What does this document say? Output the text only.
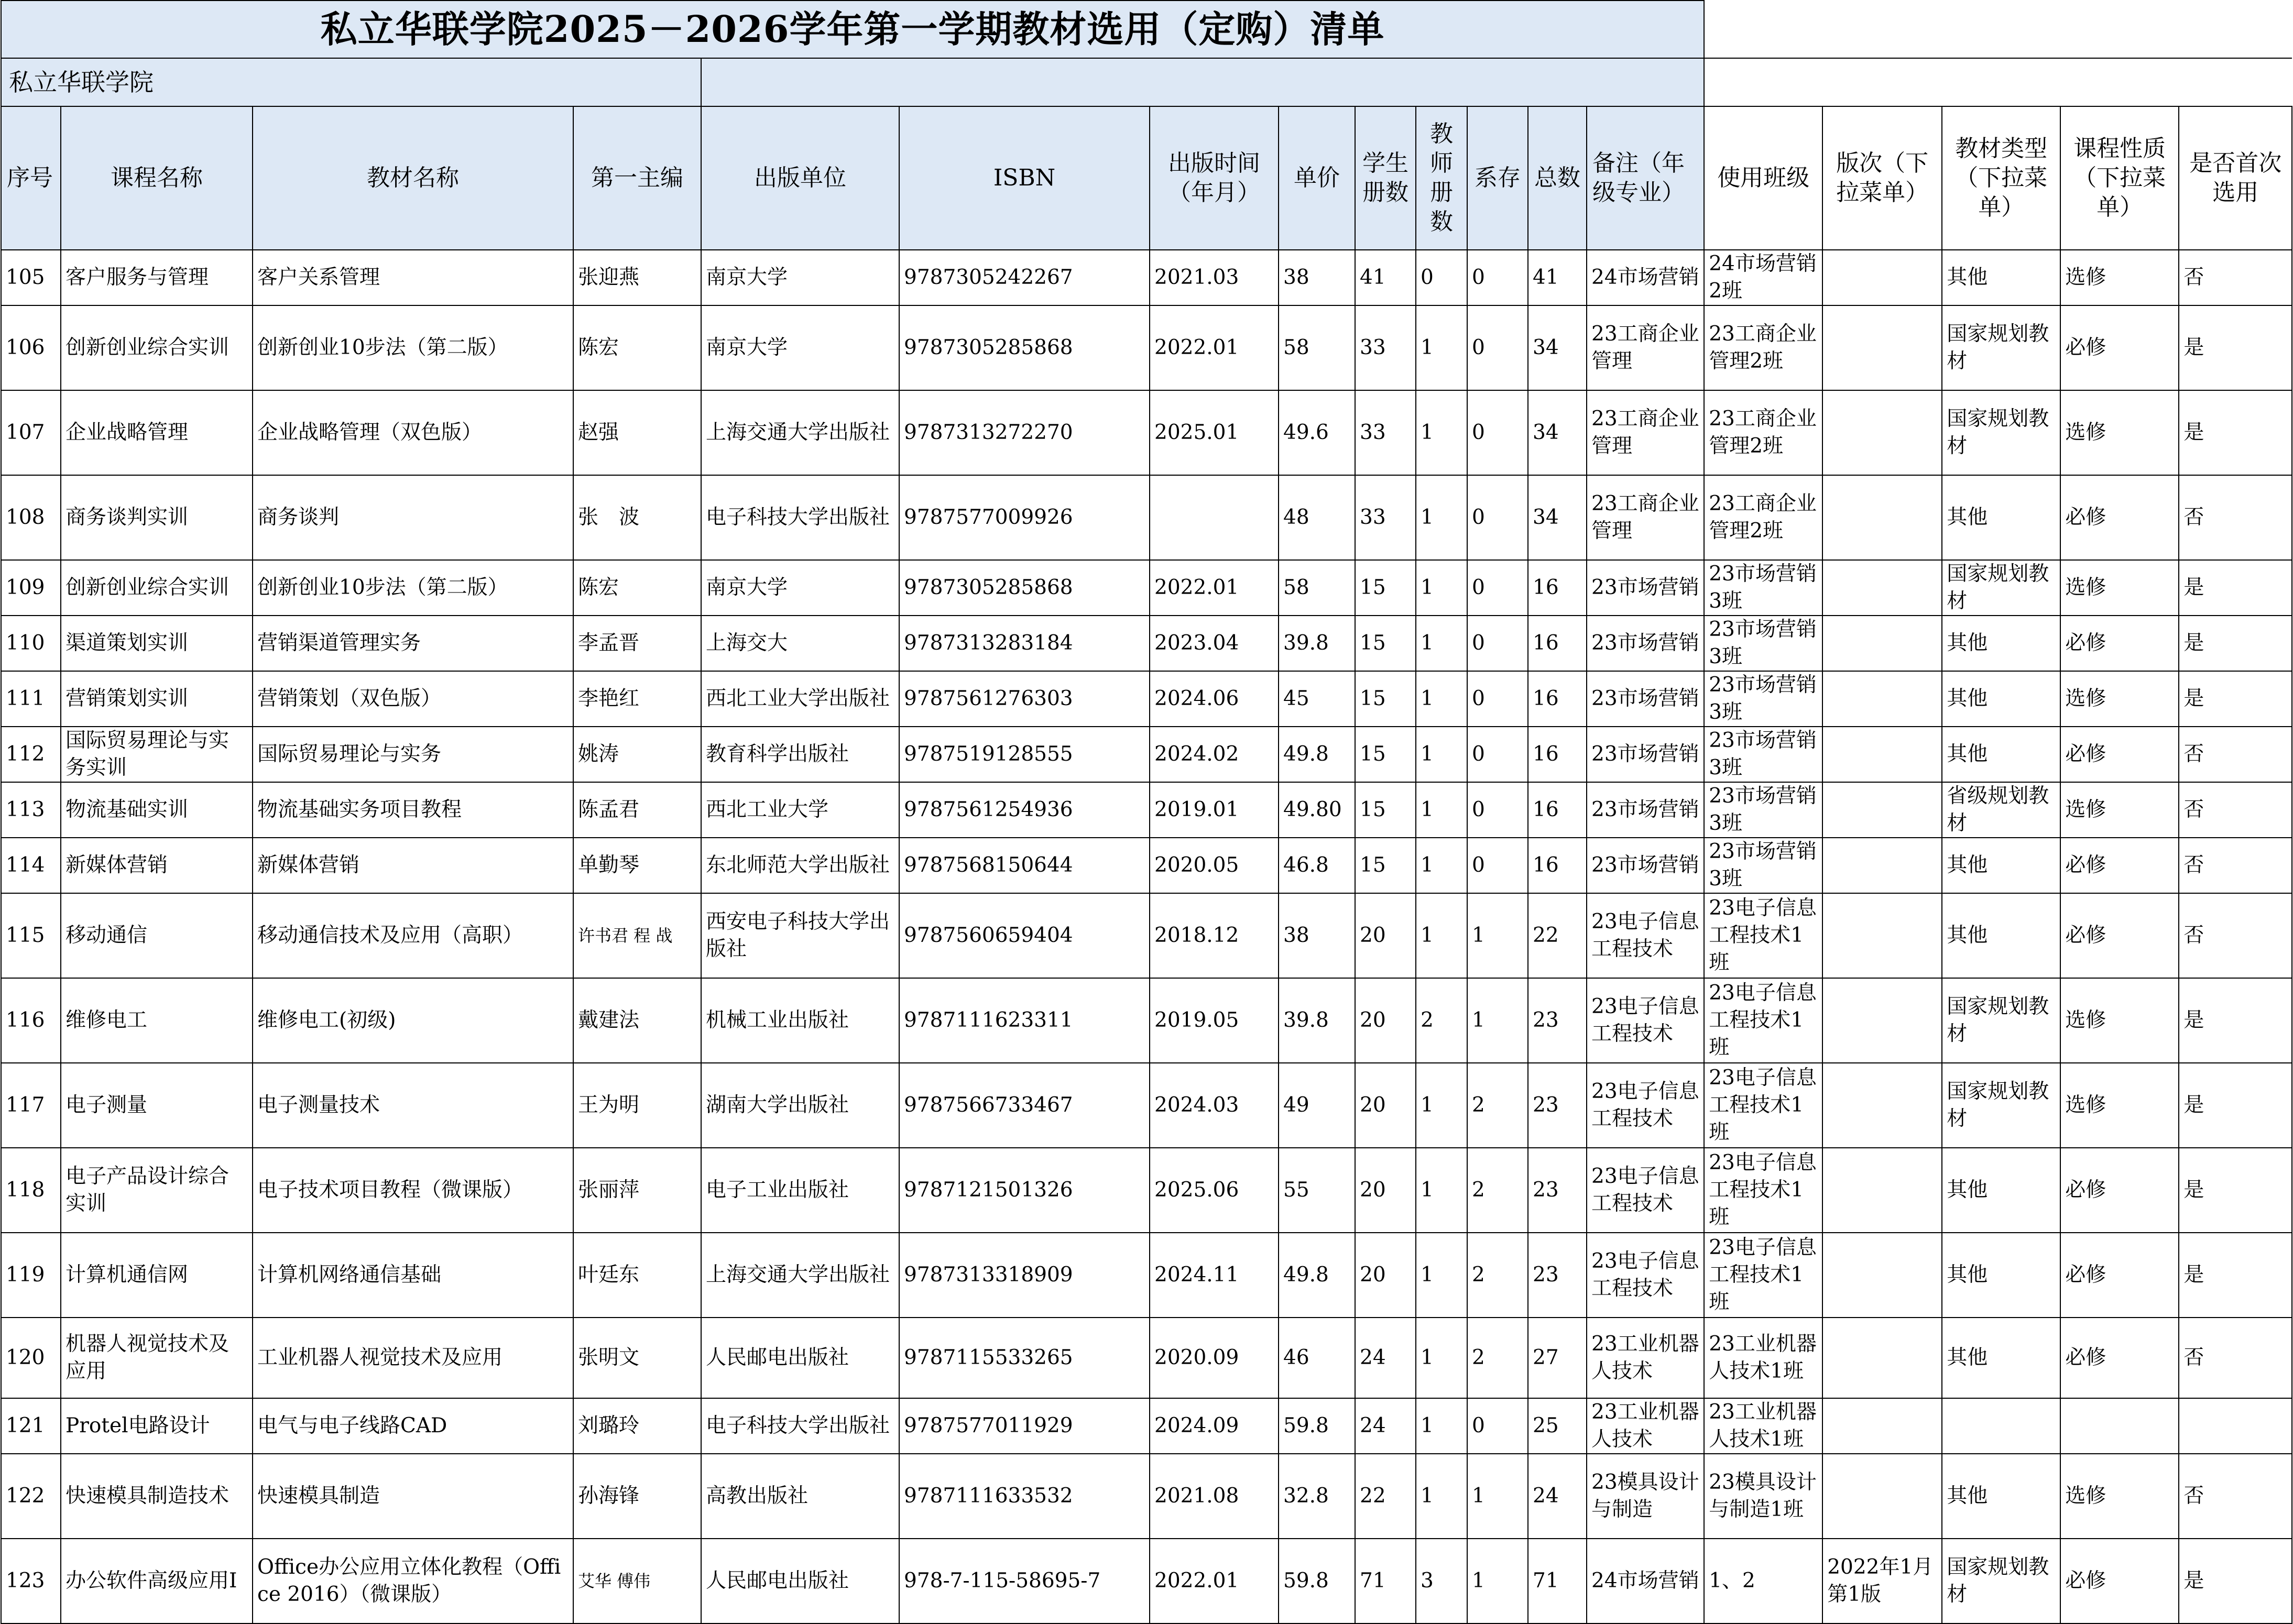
私立华联学院2025－2026学年第一学期教材选用（定购）清单																	
私立华联学院																	
序号	课程名称	教材名称	第一主编	出版单位	ISBN	出版时间（年月）	单价	学生册数	教师册数	系存	总数	备注（年级专业）	使用班级	版次（下拉菜单）	教材类型（下拉菜单）	课程性质（下拉菜单）	是否首次选用
105	客户服务与管理	客户关系管理	张迎燕	南京大学	9787305242267	2021.03	38	41	0	0	41	24市场营销	24市场营销2班		其他	选修	否
106	创新创业综合实训	创新创业10步法（第二版）	陈宏	南京大学	9787305285868	2022.01	58	33	1	0	34	23工商企业管理	23工商企业管理2班		国家规划教材	必修	是
107	企业战略管理	企业战略管理（双色版）	赵强	上海交通大学出版社	9787313272270	2025.01	49.6	33	1	0	34	23工商企业管理	23工商企业管理2班		国家规划教材	选修	是
108	商务谈判实训	商务谈判	张　波	电子科技大学出版社	9787577009926		48	33	1	0	34	23工商企业管理	23工商企业管理2班		其他	必修	否
109	创新创业综合实训	创新创业10步法（第二版）	陈宏	南京大学	9787305285868	2022.01	58	15	1	0	16	23市场营销	23市场营销3班		国家规划教材	选修	是
110	渠道策划实训	营销渠道管理实务	李孟晋	上海交大	9787313283184	2023.04	39.8	15	1	0	16	23市场营销	23市场营销3班		其他	必修	是
111	营销策划实训	营销策划（双色版）	李艳红	西北工业大学出版社	9787561276303	2024.06	45	15	1	0	16	23市场营销	23市场营销3班		其他	选修	是
112	国际贸易理论与实务实训	国际贸易理论与实务	姚涛	教育科学出版社	9787519128555	2024.02	49.8	15	1	0	16	23市场营销	23市场营销3班		其他	必修	否
113	物流基础实训	物流基础实务项目教程	陈孟君	西北工业大学	9787561254936	2019.01	49.80	15	1	0	16	23市场营销	23市场营销3班		省级规划教材	选修	否
114	新媒体营销	新媒体营销	单勤琴	东北师范大学出版社	9787568150644	2020.05	46.8	15	1	0	16	23市场营销	23市场营销3班		其他	必修	否
115	移动通信	移动通信技术及应用（高职）	许书君 程 战	西安电子科技大学出版社	9787560659404	2018.12	38	20	1	1	22	23电子信息工程技术	23电子信息工程技术1班		其他	必修	否
116	维修电工	维修电工(初级)	戴建法	机械工业出版社	9787111623311	2019.05	39.8	20	2	1	23	23电子信息工程技术	23电子信息工程技术1班		国家规划教材	选修	是
117	电子测量	电子测量技术	王为明	湖南大学出版社	9787566733467	2024.03	49	20	1	2	23	23电子信息工程技术	23电子信息工程技术1班		国家规划教材	选修	是
118	电子产品设计综合实训	电子技术项目教程（微课版）	张丽萍	电子工业出版社	9787121501326	2025.06	55	20	1	2	23	23电子信息工程技术	23电子信息工程技术1班		其他	必修	是
119	计算机通信网	计算机网络通信基础	叶廷东	上海交通大学出版社	9787313318909	2024.11	49.8	20	1	2	23	23电子信息工程技术	23电子信息工程技术1班		其他	必修	是
120	机器人视觉技术及应用	工业机器人视觉技术及应用	张明文	人民邮电出版社	9787115533265	2020.09	46	24	1	2	27	23工业机器人技术	23工业机器人技术1班		其他	必修	否
121	Protel电路设计	电气与电子线路CAD	刘璐玲	电子科技大学出版社	9787577011929	2024.09	59.8	24	1	0	25	23工业机器人技术	23工业机器人技术1班				
122	快速模具制造技术	快速模具制造	孙海锋	高教出版社	9787111633532	2021.08	32.8	22	1	1	24	23模具设计与制造	23模具设计与制造1班		其他	选修	否
123	办公软件高级应用I	Office办公应用立体化教程（Office 2016）（微课版）	艾华 傅伟	人民邮电出版社	978-7-115-58695-7	2022.01	59.8	71	3	1	71	24市场营销	1、2	2022年1月第1版	国家规划教材	必修	是
